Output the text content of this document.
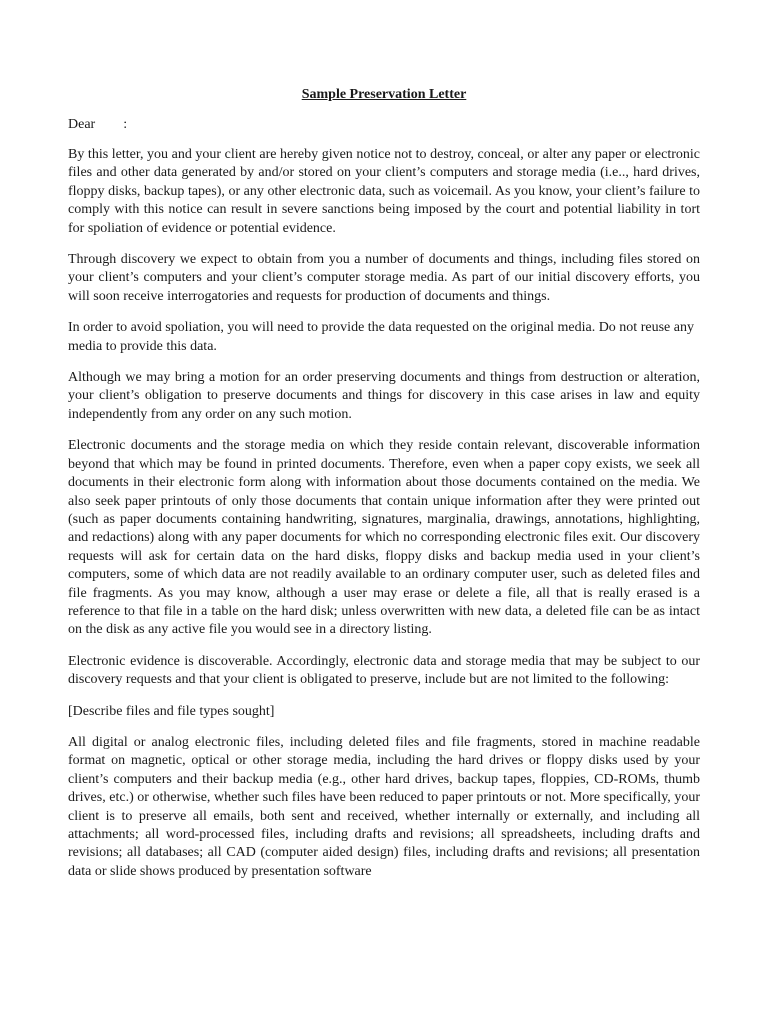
Sample Preservation Letter
Dear        :

By this letter, you and your client are hereby given notice not to destroy, conceal, or alter any paper or electronic files and other data generated by and/or stored on your client’s computers and storage media (i.e.., hard drives, floppy disks, backup tapes), or any other electronic data, such as voicemail. As you know, your client’s failure to comply with this notice can result in severe sanctions being imposed by the court and potential liability in tort for spoliation of evidence or potential evidence.

Through discovery we expect to obtain from you a number of documents and things, including files stored on your client’s computers and your client’s computer storage media. As part of our initial discovery efforts, you will soon receive interrogatories and requests for production of documents and things.

In order to avoid spoliation, you will need to provide the data requested on the original media. Do not reuse any media to provide this data.

Although we may bring a motion for an order preserving documents and things from destruction or alteration, your client’s obligation to preserve documents and things for discovery in this case arises in law and equity independently from any order on any such motion.

Electronic documents and the storage media on which they reside contain relevant, discoverable information beyond that which may be found in printed documents. Therefore, even when a paper copy exists, we seek all documents in their electronic form along with information about those documents contained on the media. We also seek paper printouts of only those documents that contain unique information after they were printed out (such as paper documents containing handwriting, signatures, marginalia, drawings, annotations, highlighting, and redactions) along with any paper documents for which no corresponding electronic files exit. Our discovery requests will ask for certain data on the hard disks, floppy disks and backup media used in your client’s computers, some of which data are not readily available to an ordinary computer user, such as deleted files and file fragments. As you may know, although a user may erase or delete a file, all that is really erased is a reference to that file in a table on the hard disk; unless overwritten with new data, a deleted file can be as intact on the disk as any active file you would see in a directory listing.

Electronic evidence is discoverable. Accordingly, electronic data and storage media that may be subject to our discovery requests and that your client is obligated to preserve, include but are not limited to the following:

[Describe files and file types sought]

All digital or analog electronic files, including deleted files and file fragments, stored in machine readable format on magnetic, optical or other storage media, including the hard drives or floppy disks used by your client’s computers and their backup media (e.g., other hard drives, backup tapes, floppies, CD-ROMs, thumb drives, etc.) or otherwise, whether such files have been reduced to paper printouts or not. More specifically, your client is to preserve all emails, both sent and received, whether internally or externally, and including all attachments; all word-processed files, including drafts and revisions; all spreadsheets, including drafts and revisions; all databases; all CAD (computer aided design) files, including drafts and revisions; all presentation data or slide shows produced by presentation software
